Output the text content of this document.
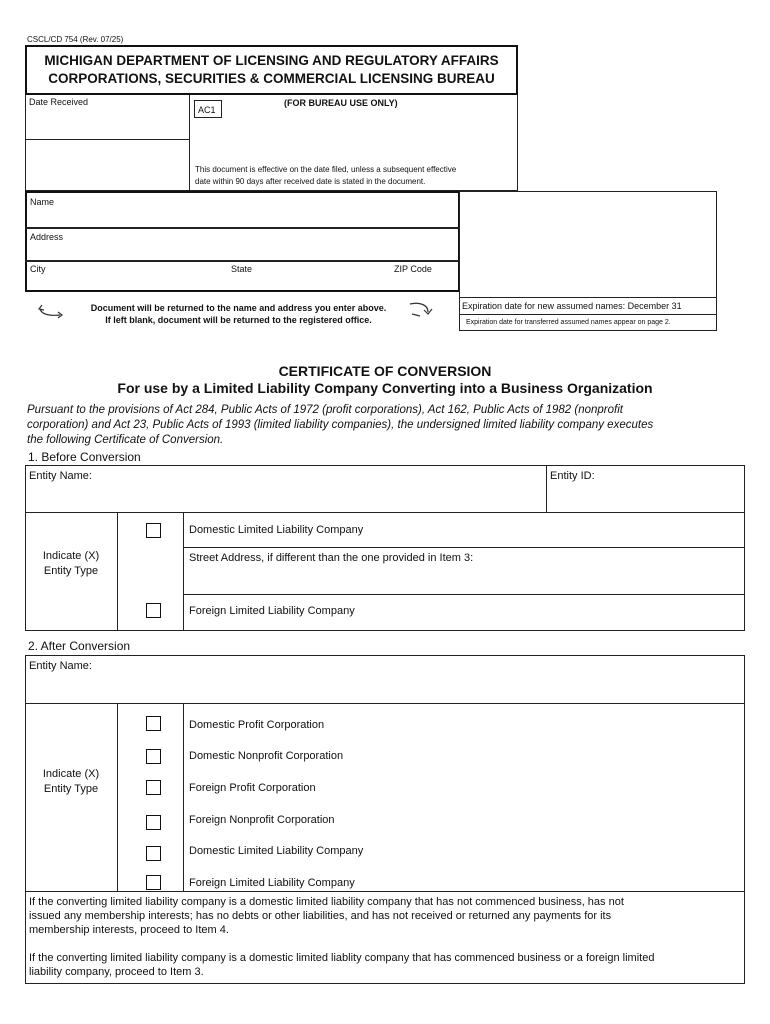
CSCL/CD 754 (Rev. 07/25)
MICHIGAN DEPARTMENT OF LICENSING AND REGULATORY AFFAIRS
CORPORATIONS, SECURITIES & COMMERCIAL LICENSING BUREAU
Date Received
AC1
(FOR BUREAU USE ONLY)
This document is effective on the date filed, unless a subsequent effective
date within 90 days after received date is stated in the document.
Name
Address
City	State	ZIP Code
Expiration date for new assumed names: December 31
Expiration date for transferred assumed names appear on page 2.
Document will be returned to the name and address you enter above.
If left blank, document will be returned to the registered office.
CERTIFICATE OF CONVERSION
For use by a Limited Liability Company Converting into a Business Organization
Pursuant to the provisions of Act 284, Public Acts of 1972 (profit corporations), Act 162, Public Acts of 1982 (nonprofit
corporation) and Act 23, Public Acts of 1993 (limited liability companies), the undersigned limited liability company executes
the following Certificate of Conversion.
1. Before Conversion
Entity Name:	Entity ID:
Indicate (X)
Entity Type
Domestic Limited Liability Company
Street Address, if different than the one provided in Item 3:
Foreign Limited Liability Company
2. After Conversion
Entity Name:
Indicate (X)
Entity Type
Domestic Profit Corporation
Domestic Nonprofit Corporation
Foreign Profit Corporation
Foreign Nonprofit Corporation
Domestic Limited Liability Company
Foreign Limited Liability Company
If the converting limited liability company is a domestic limited liability company that has not commenced business, has not
issued any membership interests; has no debts or other liabilities, and has not received or returned any payments for its
membership interests, proceed to Item 4.
If the converting limited liability company is a domestic limited liablity company that has commenced business or a foreign limited
liability company, proceed to Item 3.
